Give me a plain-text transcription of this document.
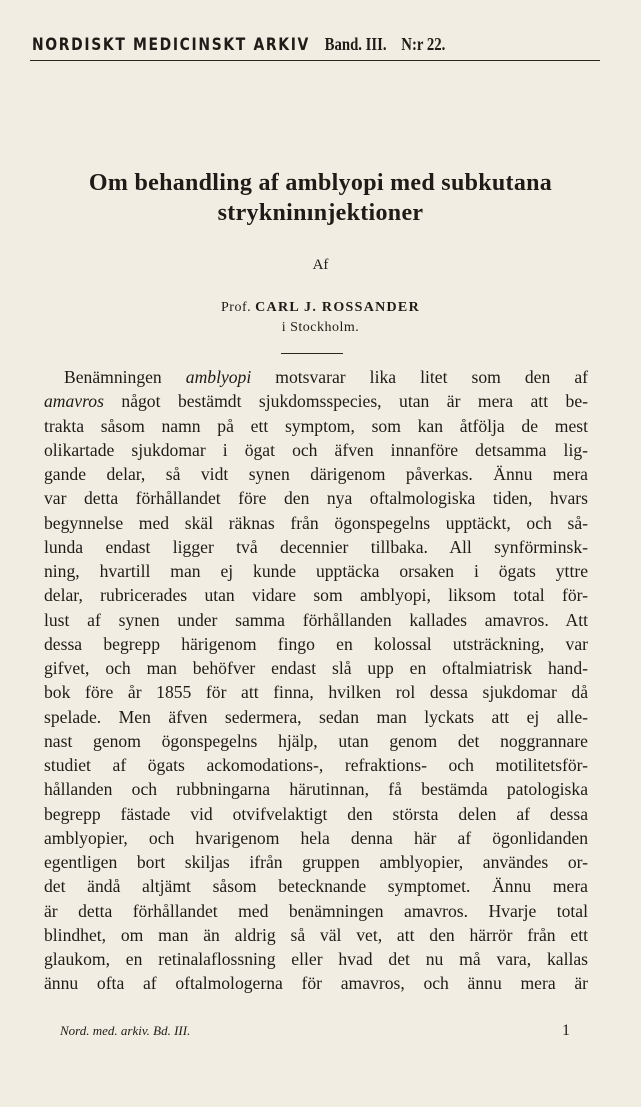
NORDISKT MEDICINSKT ARKIV Band. III. N:r 22.
Om behandling af amblyopi med subkutana
strykninınjektioner
Af
Prof. CARL J. ROSSANDER
i Stockholm.
Benämningen amblyopi motsvarar lika litet som den af
amavros något bestämdt sjukdomsspecies, utan är mera att be-
trakta såsom namn på ett symptom, som kan åtfölja de mest
olikartade sjukdomar i ögat och äfven innanföre detsamma lig-
gande delar, så vidt synen därigenom påverkas. Ännu mera
var detta förhållandet före den nya oftalmologiska tiden, hvars
begynnelse med skäl räknas från ögonspegelns upptäckt, och så-
lunda endast ligger två decennier tillbaka. All synförminsk-
ning, hvartill man ej kunde upptäcka orsaken i ögats yttre
delar, rubricerades utan vidare som amblyopi, liksom total för-
lust af synen under samma förhållanden kallades amavros. Att
dessa begrepp härigenom fingo en kolossal utsträckning, var
gifvet, och man behöfver endast slå upp en oftalmiatrisk hand-
bok före år 1855 för att finna, hvilken rol dessa sjukdomar då
spelade. Men äfven sedermera, sedan man lyckats att ej alle-
nast genom ögonspegelns hjälp, utan genom det noggrannare
studiet af ögats ackomodations-, refraktions- och motilitetsför-
hållanden och rubbningarna härutinnan, få bestämda patologiska
begrepp fästade vid otvifvelaktigt den största delen af dessa
amblyopier, och hvarigenom hela denna här af ögonlidanden
egentligen bort skiljas ifrån gruppen amblyopier, användes or-
det ändå altjämt såsom betecknande symptomet. Ännu mera
är detta förhållandet med benämningen amavros. Hvarje total
blindhet, om man än aldrig så väl vet, att den härrör från ett
glaukom, en retinalaflossning eller hvad det nu må vara, kallas
ännu ofta af oftalmologerna för amavros, och ännu mera är
Nord. med. arkiv. Bd. III.	1
